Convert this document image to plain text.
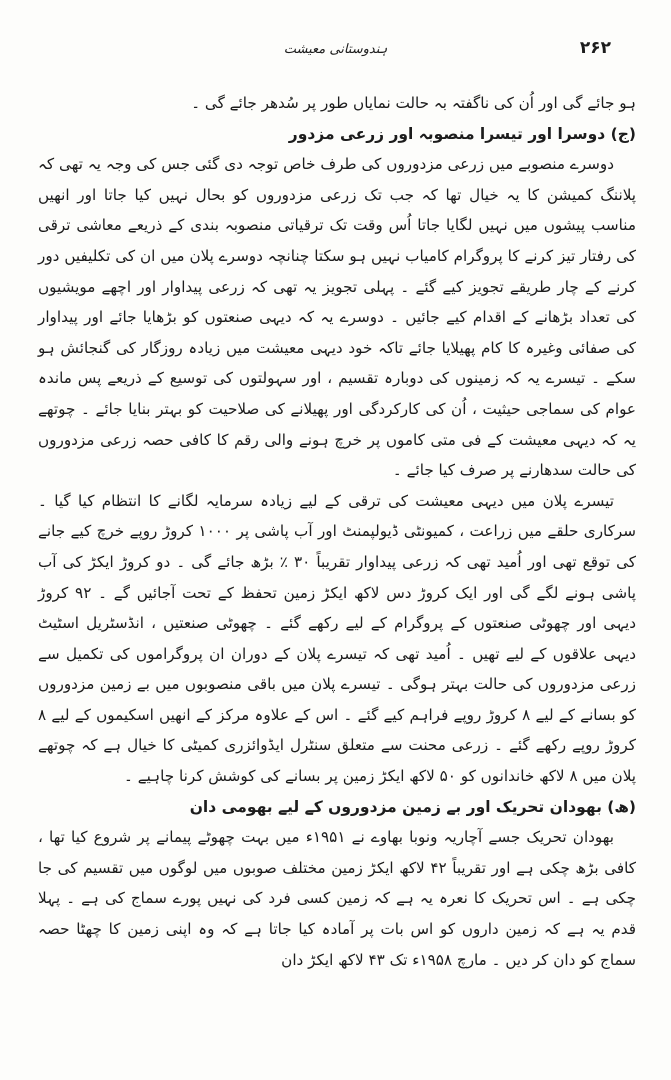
۲۶۲
ہندوستانی معیشت

ہو جائے گی اور اُن کی ناگفتہ بہ حالت نمایاں طور پر سُدھر جائے گی ۔

(ج) دوسرا اور تیسرا منصوبہ اور زرعی مزدور

دوسرے منصوبے میں زرعی مزدوروں کی طرف خاص توجہ دی گئی جس کی وجہ یہ تھی کہ پلاننگ کمیشن کا یہ خیال تھا کہ جب تک زرعی مزدوروں کو بحال نہیں کیا جاتا اور انھیں مناسب پیشوں میں نہیں لگایا جاتا اُس وقت تک ترقیاتی منصوبہ بندی کے ذریعے معاشی ترقی کی رفتار تیز کرنے کا پروگرام کامیاب نہیں ہو سکتا چنانچہ دوسرے پلان میں ان کی تکلیفیں دور کرنے کے چار طریقے تجویز کیے گئے ۔ پہلی تجویز یہ تھی کہ زرعی پیداوار اور اچھے مویشیوں کی تعداد بڑھانے کے اقدام کیے جائیں ۔ دوسرے یہ کہ دیہی صنعتوں کو بڑھایا جائے اور پیداوار کی صفائی وغیرہ کا کام پھیلایا جائے تاکہ خود دیہی معیشت میں زیادہ روزگار کی گنجائش ہو سکے ۔ تیسرے یہ کہ زمینوں کی دوبارہ تقسیم ، اور سہولتوں کی توسیع کے ذریعے پس ماندہ عوام کی سماجی حیثیت ، اُن کی کارکردگی اور پھیلانے کی صلاحیت کو بہتر بنایا جائے ۔ چوتھے یہ کہ دیہی معیشت کے فی متی کاموں پر خرچ ہونے والی رقم کا کافی حصہ زرعی مزدوروں کی حالت سدھارنے پر صرف کیا جائے ۔

تیسرے پلان میں دیہی معیشت کی ترقی کے لیے زیادہ سرمایہ لگانے کا انتظام کیا گیا ۔ سرکاری حلقے میں زراعت ، کمیونٹی ڈیولپمنٹ اور آب پاشی پر ۱۰۰۰ کروڑ روپے خرچ کیے جانے کی توقع تھی اور اُمید تھی کہ زرعی پیداوار تقریباً ۳۰ ٪ بڑھ جائے گی ۔ دو کروڑ ایکڑ کی آب پاشی ہونے لگے گی اور ایک کروڑ دس لاکھ ایکڑ زمین تحفظ کے تحت آجائیں گے ۔ ۹۲ کروڑ دیہی اور چھوٹی صنعتوں کے پروگرام کے لیے رکھے گئے ۔ چھوٹی صنعتیں ، انڈسٹریل اسٹیٹ دیہی علاقوں کے لیے تھیں ۔ اُمید تھی کہ تیسرے پلان کے دوران ان پروگراموں کی تکمیل سے زرعی مزدوروں کی حالت بہتر ہوگی ۔ تیسرے پلان میں باقی منصوبوں میں بے زمین مزدوروں کو بسانے کے لیے ۸ کروڑ روپے فراہم کیے گئے ۔ اس کے علاوہ مرکز کے انھیں اسکیموں کے لیے ۸ کروڑ روپے رکھے گئے ۔ زرعی محنت سے متعلق سنٹرل ایڈوائزری کمیٹی کا خیال ہے کہ چوتھے پلان میں ۸ لاکھ خاندانوں کو ۵۰ لاکھ ایکڑ زمین پر بسانے کی کوشش کرنا چاہیے ۔

(ھ) بھودان تحریک اور بے زمین مزدوروں کے لیے بھومی دان

بھودان تحریک جسے آچاریہ ونوبا بھاوے نے ۱۹۵۱ء میں بہت چھوٹے پیمانے پر شروع کیا تھا ، کافی بڑھ چکی ہے اور تقریباً ۴۲ لاکھ ایکڑ زمین مختلف صوبوں میں لوگوں میں تقسیم کی جا چکی ہے ۔ اس تحریک کا نعرہ یہ ہے کہ زمین کسی فرد کی نہیں پورے سماج کی ہے ۔ پہلا قدم یہ ہے کہ زمین داروں کو اس بات پر آمادہ کیا جاتا ہے کہ وہ اپنی زمین کا چھٹا حصہ سماج کو دان کر دیں ۔ مارچ ۱۹۵۸ء تک ۴۳ لاکھ ایکڑ دان
